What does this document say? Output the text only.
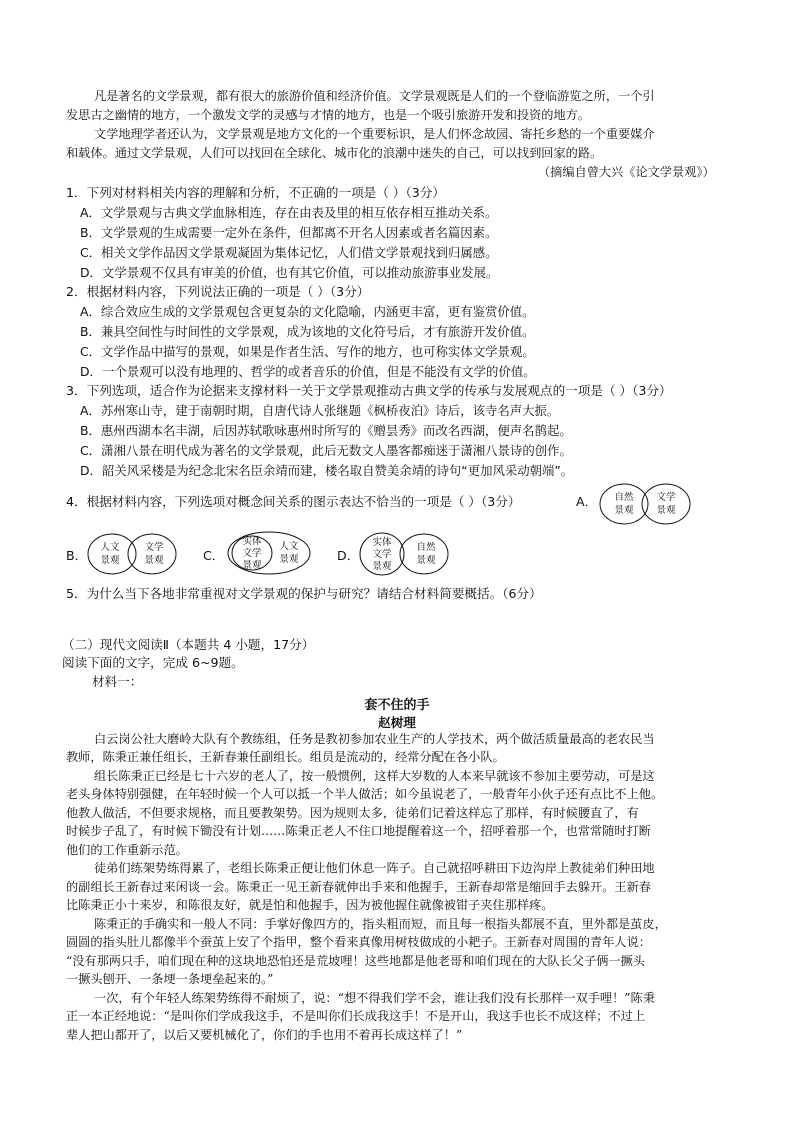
凡是著名的文学景观，都有很大的旅游价值和经济价值。文学景观既是人们的一个登临游览之所，一个引
发思古之幽情的地方，一个激发文学的灵感与才情的地方，也是一个吸引旅游开发和投资的地方。
文学地理学者还认为，文学景观是地方文化的一个重要标识，是人们怀念故园、寄托乡愁的一个重要媒介
和载体。通过文学景观，人们可以找回在全球化、城市化的浪潮中迷失的自己，可以找到回家的路。
（摘编自曾大兴《论文学景观》）
1．下列对材料相关内容的理解和分析，不正确的一项是（ ）（3分）
A．文学景观与古典文学血脉相连，存在由表及里的相互依存相互推动关系。
B．文学景观的生成需要一定外在条件，但都离不开名人因素或者名篇因素。
C．相关文学作品因文学景观凝固为集体记忆，人们借文学景观找到归属感。
D．文学景观不仅具有审美的价值，也有其它价值，可以推动旅游事业发展。
2．根据材料内容，下列说法正确的一项是（ ）（3分）
A．综合效应生成的文学景观包含更复杂的文化隐喻，内涵更丰富，更有鉴赏价值。
B．兼具空间性与时间性的文学景观，成为该地的文化符号后，才有旅游开发价值。
C．文学作品中描写的景观，如果是作者生活、写作的地方，也可称实体文学景观。
D．一个景观可以没有地理的、哲学的或者音乐的价值，但是不能没有文学的价值。
3．下列选项，适合作为论据来支撑材料一关于文学景观推动古典文学的传承与发展观点的一项是（ ）（3分）
A．苏州寒山寺，建于南朝时期，自唐代诗人张继题《枫桥夜泊》诗后，该寺名声大振。
B．惠州西湖本名丰湖，后因苏轼歌咏惠州时所写的《赠昙秀》而改名西湖，便声名鹊起。
C．潇湘八景在明代成为著名的文学景观，此后无数文人墨客都痴迷于潇湘八景诗的创作。
D．韶关风采楼是为纪念北宋名臣余靖而建，楼名取自赞美余靖的诗句“更加风采动朝端”。
4．根据材料内容，下列选项对概念间关系的图示表达不恰当的一项是（ ）（3分）	A． 自然
景观
文学
景观
B．
人文
景观
文学
景观	C．
实体
文学
景观
人文
景观	D．
实体
文学
景观
自然
景观
5．为什么当下各地非常重视对文学景观的保护与研究？请结合材料简要概括。（6分）
（二）现代文阅读Ⅱ（本题共 4 小题，17分）
阅读下面的文字，完成 6~9题。
材料一：
套不住的手
赵树理
白云岗公社大磨岭大队有个教练组，任务是教初参加农业生产的人学技术，两个做活质量最高的老农民当
教师，陈秉正兼任组长，王新春兼任副组长。组员是流动的，经常分配在各小队。
组长陈秉正已经是七十六岁的老人了，按一般惯例，这样大岁数的人本来早就该不参加主要劳动，可是这
老头身体特别强健，在年轻时候一个人可以抵一个半人做活；如今虽说老了，一般青年小伙子还有点比不上他。
他教人做活，不但要求规格，而且要教架势。因为规则太多，徒弟们记着这样忘了那样，有时候腰直了，有
时候步子乱了，有时候下锄没有计划……陈秉正老人不住口地提醒着这一个，招呼着那一个，也常常随时打断
他们的工作重新示范。
徒弟们练架势练得累了，老组长陈秉正便让他们休息一阵子。自己就招呼耕田下边沟岸上教徒弟们种田地
的副组长王新春过来闲谈一会。陈秉正一见王新春就伸出手来和他握手，王新春却常是缩回手去躲开。王新春
比陈秉正小十来岁，和陈很友好，就是怕和他握手，因为被他握住就像被钳子夹住那样疼。
陈秉正的手确实和一般人不同：手掌好像四方的，指头粗而短，而且每一根指头都展不直，里外都是茧皮，
圆圆的指头肚儿都像半个蚕茧上安了个指甲，整个看来真像用树枝做成的小耙子。王新春对周围的青年人说：
“没有那两只手，咱们现在种的这块地恐怕还是荒坡哩！这些地都是他老哥和咱们现在的大队长父子俩一撅头
一撅头刨开、一条埂一条埂垒起来的。”
一次，有个年轻人练架势练得不耐烦了，说：“想不得我们学不会，谁让我们没有长那样一双手哩！”陈秉
正一本正经地说：“是叫你们学成我这手，不是叫你们长成我这手！不是开山，我这手也长不成这样；不过上
辈人把山都开了，以后又要机械化了，你们的手也用不着再长成这样了！”
